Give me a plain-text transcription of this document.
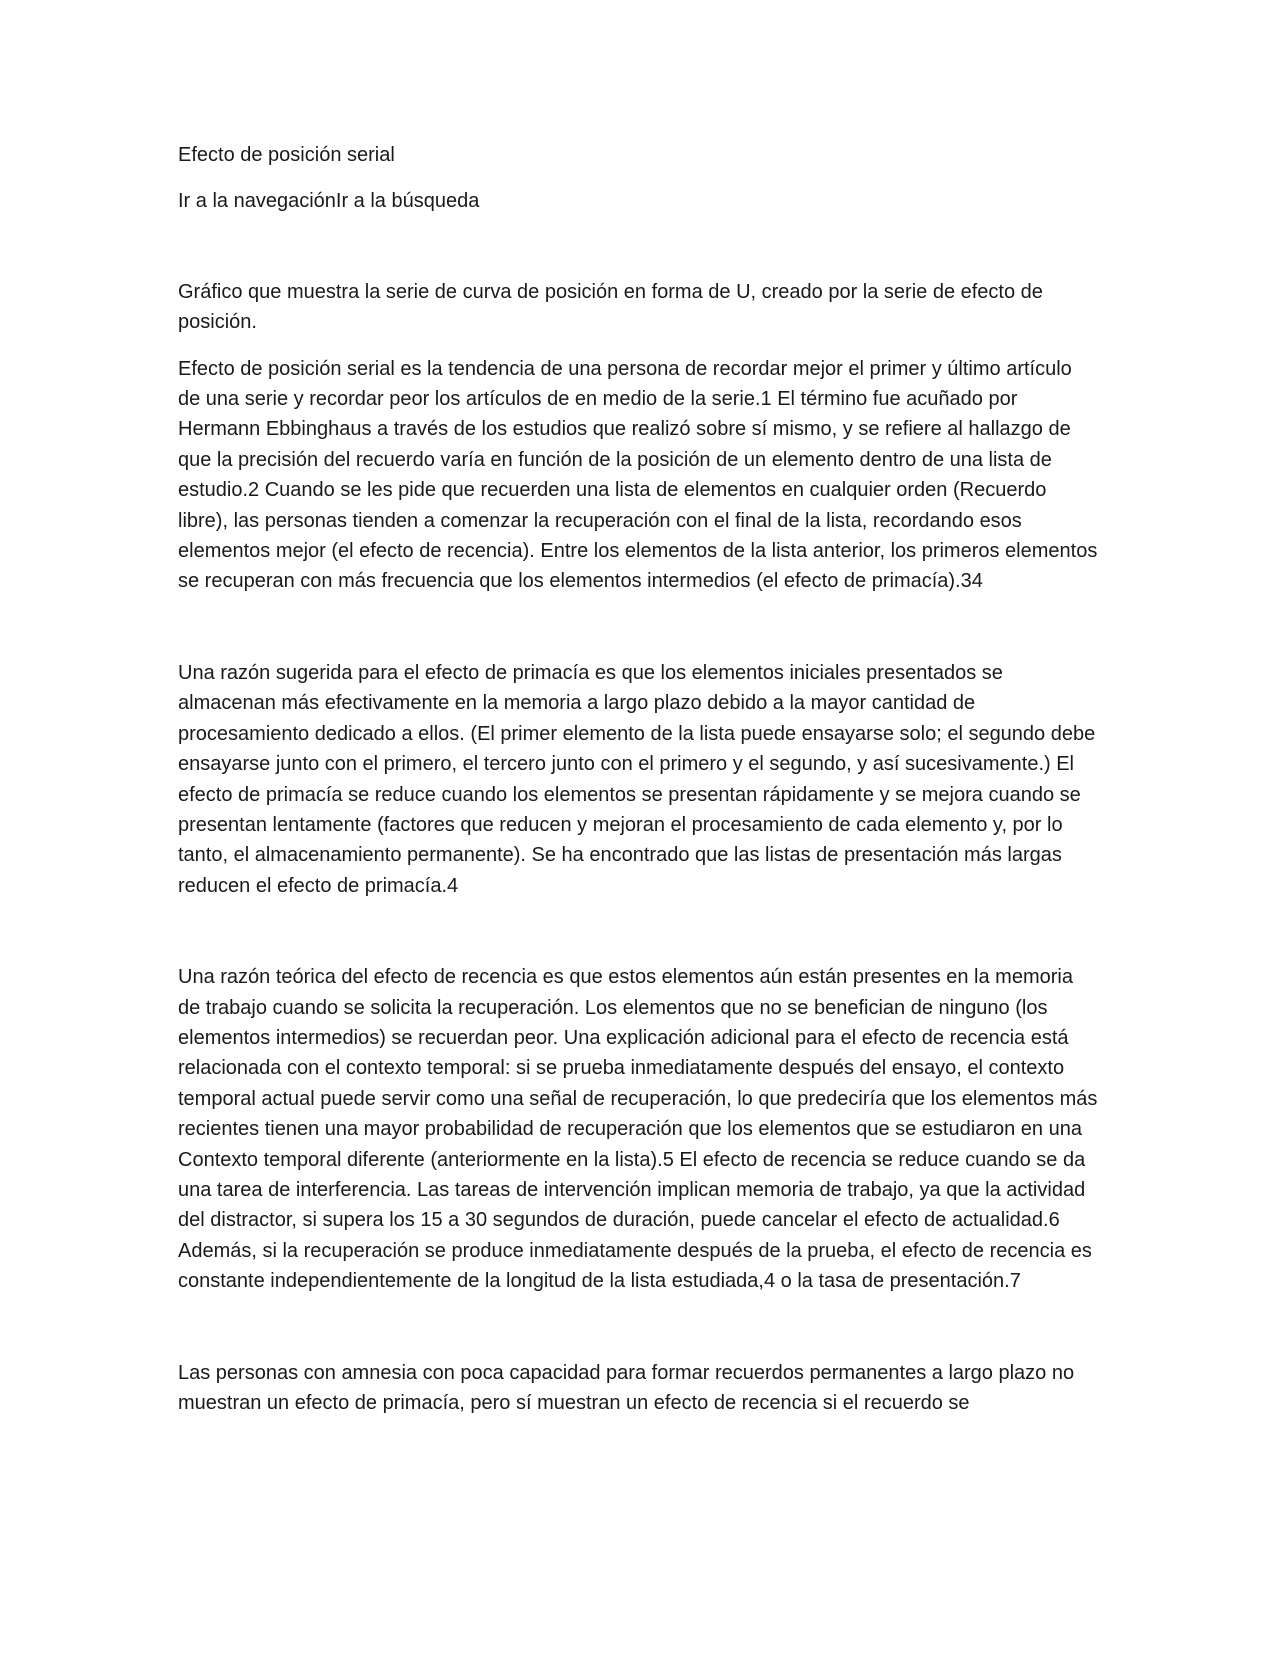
Efecto de posición serial

Ir a la navegaciónIr a la búsqueda

Gráfico que muestra la serie de curva de posición en forma de U, creado por la serie de efecto de posición.

Efecto de posición serial es la tendencia de una persona de recordar mejor el primer y último artículo de una serie y recordar peor los artículos de en medio de la serie.1 El término fue acuñado por Hermann Ebbinghaus a través de los estudios que realizó sobre sí mismo, y se refiere al hallazgo de que la precisión del recuerdo varía en función de la posición de un elemento dentro de una lista de estudio.2 Cuando se les pide que recuerden una lista de elementos en cualquier orden (Recuerdo libre), las personas tienden a comenzar la recuperación con el final de la lista, recordando esos elementos mejor (el efecto de recencia). Entre los elementos de la lista anterior, los primeros elementos se recuperan con más frecuencia que los elementos intermedios (el efecto de primacía).34

Una razón sugerida para el efecto de primacía es que los elementos iniciales presentados se almacenan más efectivamente en la memoria a largo plazo debido a la mayor cantidad de procesamiento dedicado a ellos. (El primer elemento de la lista puede ensayarse solo; el segundo debe ensayarse junto con el primero, el tercero junto con el primero y el segundo, y así sucesivamente.) El efecto de primacía se reduce cuando los elementos se presentan rápidamente y se mejora cuando se presentan lentamente (factores que reducen y mejoran el procesamiento de cada elemento y, por lo tanto, el almacenamiento permanente). Se ha encontrado que las listas de presentación más largas reducen el efecto de primacía.4

Una razón teórica del efecto de recencia es que estos elementos aún están presentes en la memoria de trabajo cuando se solicita la recuperación. Los elementos que no se benefician de ninguno (los elementos intermedios) se recuerdan peor. Una explicación adicional para el efecto de recencia está relacionada con el contexto temporal: si se prueba inmediatamente después del ensayo, el contexto temporal actual puede servir como una señal de recuperación, lo que predeciría que los elementos más recientes tienen una mayor probabilidad de recuperación que los elementos que se estudiaron en una Contexto temporal diferente (anteriormente en la lista).5 El efecto de recencia se reduce cuando se da una tarea de interferencia. Las tareas de intervención implican memoria de trabajo, ya que la actividad del distractor, si supera los 15 a 30 segundos de duración, puede cancelar el efecto de actualidad.6 Además, si la recuperación se produce inmediatamente después de la prueba, el efecto de recencia es constante independientemente de la longitud de la lista estudiada,4 o la tasa de presentación.7

Las personas con amnesia con poca capacidad para formar recuerdos permanentes a largo plazo no muestran un efecto de primacía, pero sí muestran un efecto de recencia si el recuerdo se
